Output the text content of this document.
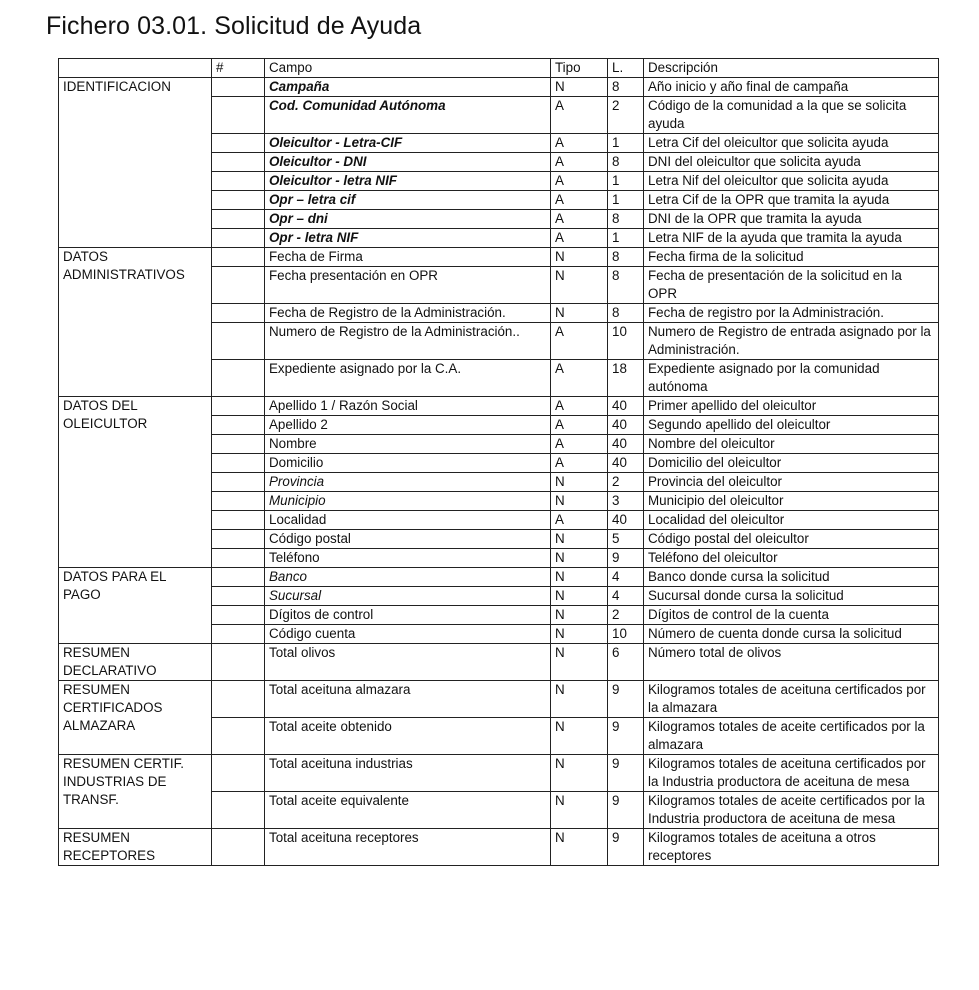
Fichero 03.01. Solicitud de Ayuda
	#	Campo	Tipo	L.	Descripción
IDENTIFICACION		Campaña	N	8	Año inicio y año final de campaña
		Cod. Comunidad Autónoma	A	2	Código de la comunidad a la que se solicita ayuda
		Oleicultor - Letra-CIF	A	1	Letra Cif del oleicultor que solicita ayuda
		Oleicultor - DNI	A	8	DNI del oleicultor que solicita ayuda
		Oleicultor - letra NIF	A	1	Letra Nif del oleicultor que solicita ayuda
		Opr – letra cif	A	1	Letra Cif de la OPR que tramita la ayuda
		Opr – dni	A	8	DNI de la OPR que tramita la ayuda
		Opr - letra NIF	A	1	Letra NIF de la ayuda que tramita la ayuda
DATOS ADMINISTRATIVOS		Fecha de Firma	N	8	Fecha firma de la solicitud
		Fecha presentación en OPR	N	8	Fecha de presentación de la solicitud en la OPR
		Fecha de Registro de la Administración.	N	8	Fecha de registro por la Administración.
		Numero de Registro de la Administración..	A	10	Numero de Registro de entrada asignado por la Administración.
		Expediente asignado por la C.A.	A	18	Expediente asignado por la comunidad autónoma
DATOS DEL OLEICULTOR		Apellido 1 / Razón Social	A	40	Primer apellido del oleicultor
		Apellido 2	A	40	Segundo apellido del oleicultor
		Nombre	A	40	Nombre del oleicultor
		Domicilio	A	40	Domicilio del oleicultor
		Provincia	N	2	Provincia del oleicultor
		Municipio	N	3	Municipio del oleicultor
		Localidad	A	40	Localidad del oleicultor
		Código postal	N	5	Código postal del oleicultor
		Teléfono	N	9	Teléfono del oleicultor
DATOS PARA EL PAGO		Banco	N	4	Banco donde cursa la solicitud
		Sucursal	N	4	Sucursal donde cursa la solicitud
		Dígitos de control	N	2	Dígitos de control de la cuenta
		Código cuenta	N	10	Número de cuenta donde cursa la solicitud
RESUMEN DECLARATIVO		Total olivos	N	6	Número total de olivos
RESUMEN CERTIFICADOS ALMAZARA		Total aceituna almazara	N	9	Kilogramos totales de aceituna certificados por la almazara
		Total aceite obtenido	N	9	Kilogramos totales de aceite certificados por la almazara
RESUMEN CERTIF. INDUSTRIAS DE TRANSF.		Total aceituna industrias	N	9	Kilogramos totales de aceituna certificados por la Industria productora de aceituna de mesa
		Total aceite equivalente	N	9	Kilogramos totales de aceite certificados por la Industria productora de aceituna de mesa
RESUMEN RECEPTORES		Total aceituna receptores	N	9	Kilogramos totales de aceituna a otros receptores
